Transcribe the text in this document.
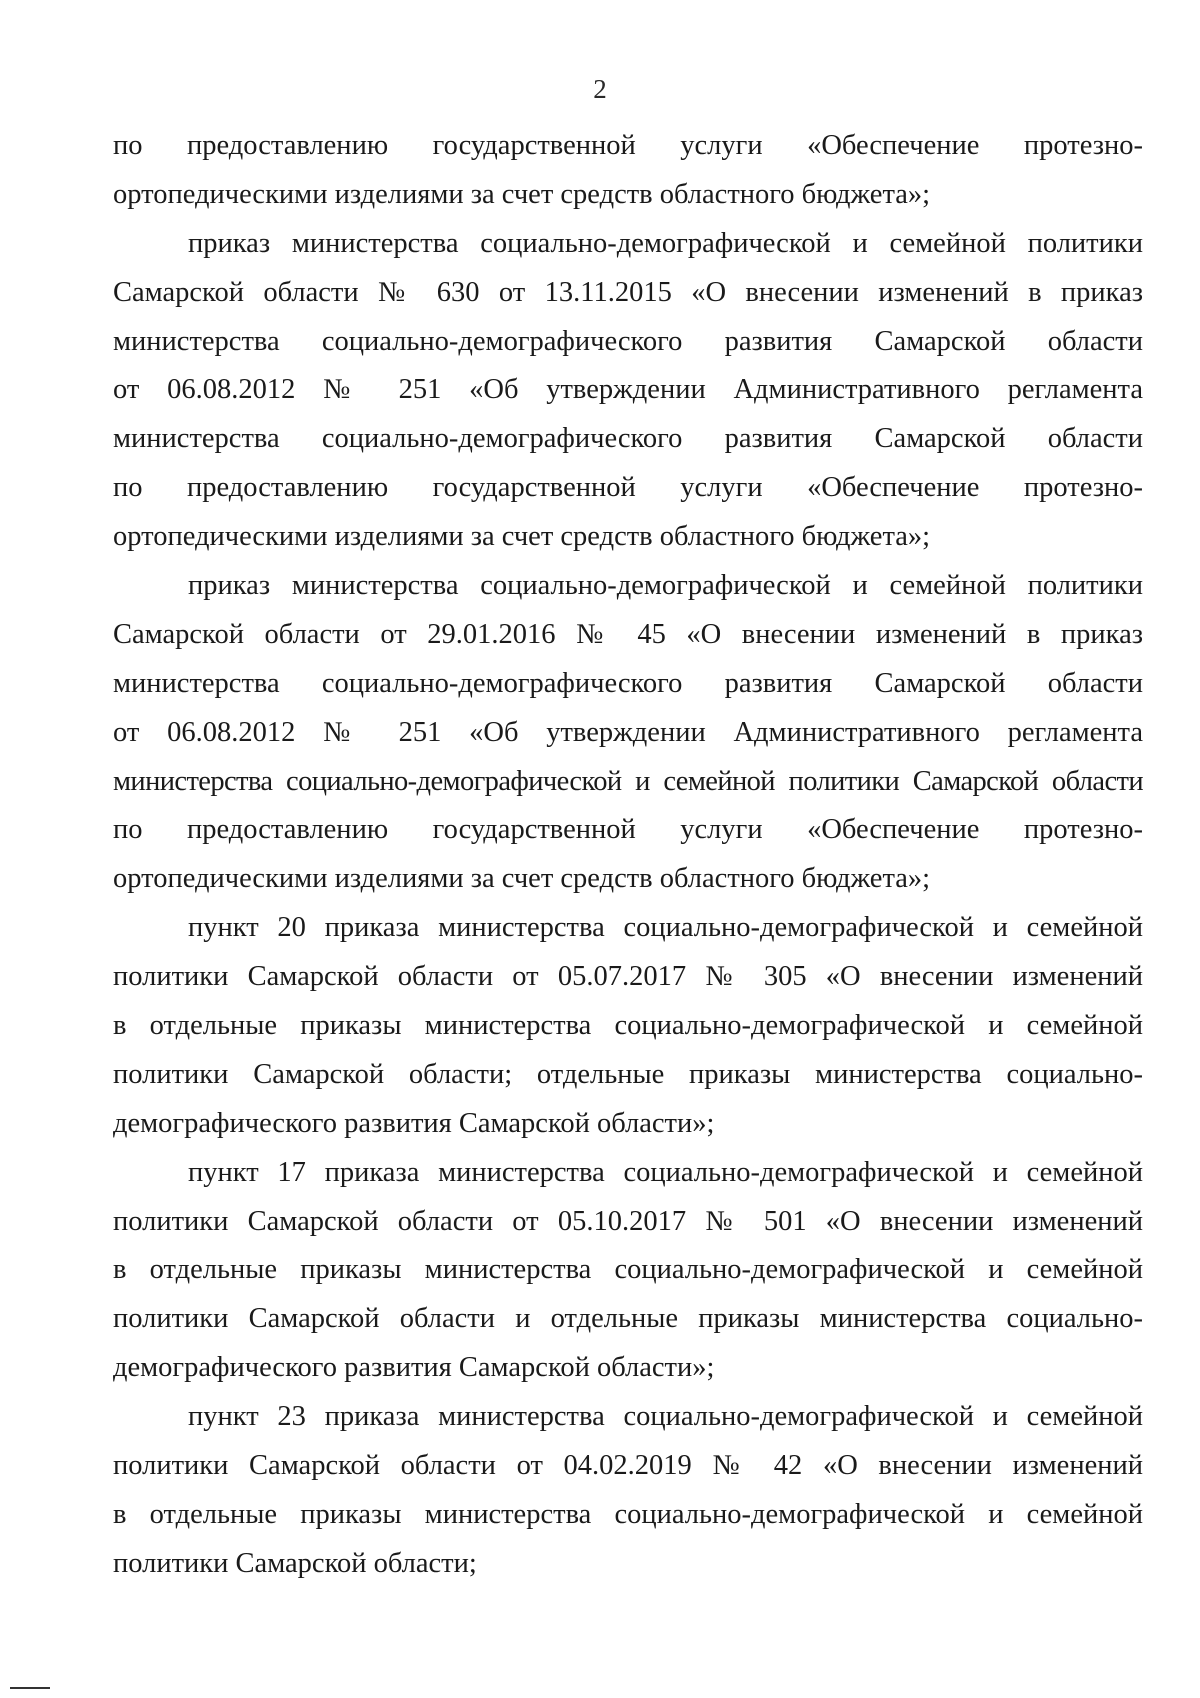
2
по предоставлению государственной услуги «Обеспечение протезно-
ортопедическими изделиями за счет средств областного бюджета»;
приказ министерства социально-демографической и семейной политики
Самарской области № 630 от 13.11.2015 «О внесении изменений в приказ
министерства социально-демографического развития Самарской области
от 06.08.2012 № 251 «Об утверждении Административного регламента
министерства социально-демографического развития Самарской области
по предоставлению государственной услуги «Обеспечение протезно-
ортопедическими изделиями за счет средств областного бюджета»;
приказ министерства социально-демографической и семейной политики
Самарской области от 29.01.2016 № 45 «О внесении изменений в приказ
министерства социально-демографического развития Самарской области
от 06.08.2012 № 251 «Об утверждении Административного регламента
министерства социально-демографической и семейной политики Самарской области
по предоставлению государственной услуги «Обеспечение протезно-
ортопедическими изделиями за счет средств областного бюджета»;
пункт 20 приказа министерства социально-демографической и семейной
политики Самарской области от 05.07.2017 № 305 «О внесении изменений
в отдельные приказы министерства социально-демографической и семейной
политики Самарской области; отдельные приказы министерства социально-
демографического развития Самарской области»;
пункт 17 приказа министерства социально-демографической и семейной
политики Самарской области от 05.10.2017 № 501 «О внесении изменений
в отдельные приказы министерства социально-демографической и семейной
политики Самарской области и отдельные приказы министерства социально-
демографического развития Самарской области»;
пункт 23 приказа министерства социально-демографической и семейной
политики Самарской области от 04.02.2019 № 42 «О внесении изменений
в отдельные приказы министерства социально-демографической и семейной
политики Самарской области;
